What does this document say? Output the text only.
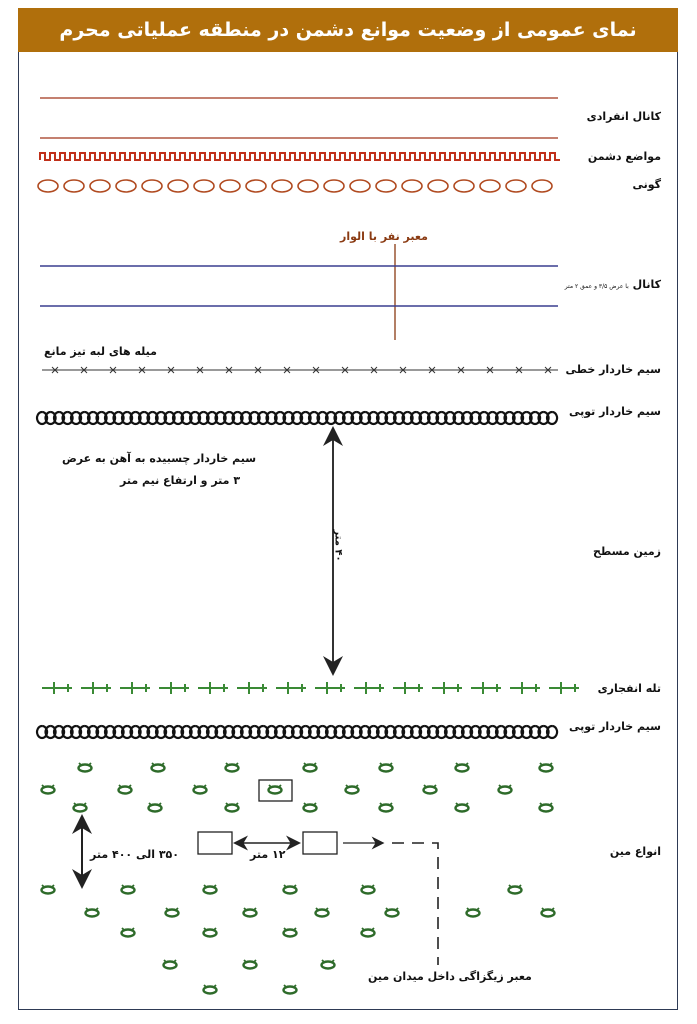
نمای عمومی از وضعیت موانع دشمن در منطقه عملیاتی محرم
کانال انفرادی
مواضع دشمن
گونی
معبر نفر با الوار
کانال با عرض ۳/۵ و عمق ۲ متر
میله های لبه تیز مانع
سیم خاردار خطی
سیم خاردار توپی
سیم خاردار چسبیده به آهن به عرض
۳ متر و ارتفاع نیم متر
زمین مسطح
۴۰ متر
تله انفجاری
سیم خاردار توپی
انواع مین
۳۵۰ الی ۴۰۰ متر	۱۲ متر
معبر زیگزاگی داخل میدان مین
